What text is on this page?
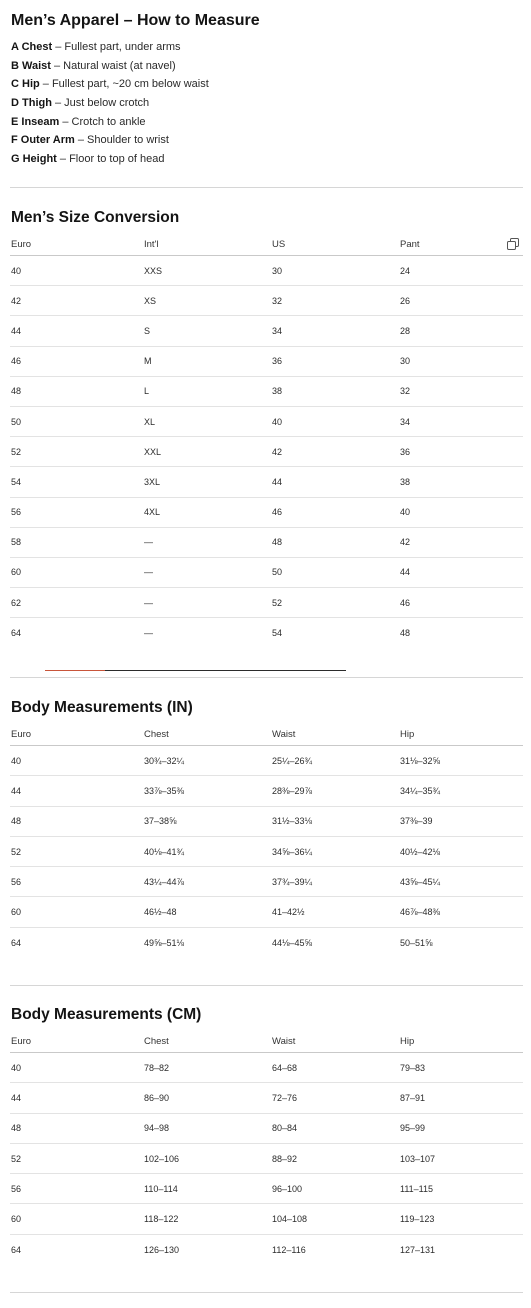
Men’s Apparel – How to Measure
A Chest – Fullest part, under arms
B Waist – Natural waist (at navel)
C Hip – Fullest part, ~20 cm below waist
D Thigh – Just below crotch
E Inseam – Crotch to ankle
F Outer Arm – Shoulder to wrist
G Height – Floor to top of head
Men’s Size Conversion
Euro	Int'l	US	Pant
40	XXS	30	24
42	XS	32	26
44	S	34	28
46	M	36	30
48	L	38	32
50	XL	40	34
52	XXL	42	36
54	3XL	44	38
56	4XL	46	40
58	—	48	42
60	—	50	44
62	—	52	46
64	—	54	48
Body Measurements (IN)
Euro	Chest	Waist	Hip
40	30¾–32¼	25¼–26¾	31⅛–32⅝
44	33⅞–35⅜	28⅜–29⅞	34¼–35¾
48	37–38⅝	31½–33⅛	37⅜–39
52	40⅛–41¾	34⅝–36¼	40½–42⅛
56	43¼–44⅞	37¾–39¼	43⅝–45¼
60	46½–48	41–42½	46⅞–48⅜
64	49⅝–51⅛	44⅛–45⅝	50–51⅝
Body Measurements (CM)
Euro	Chest	Waist	Hip
40	78–82	64–68	79–83
44	86–90	72–76	87–91
48	94–98	80–84	95–99
52	102–106	88–92	103–107
56	110–114	96–100	111–115
60	118–122	104–108	119–123
64	126–130	112–116	127–131
